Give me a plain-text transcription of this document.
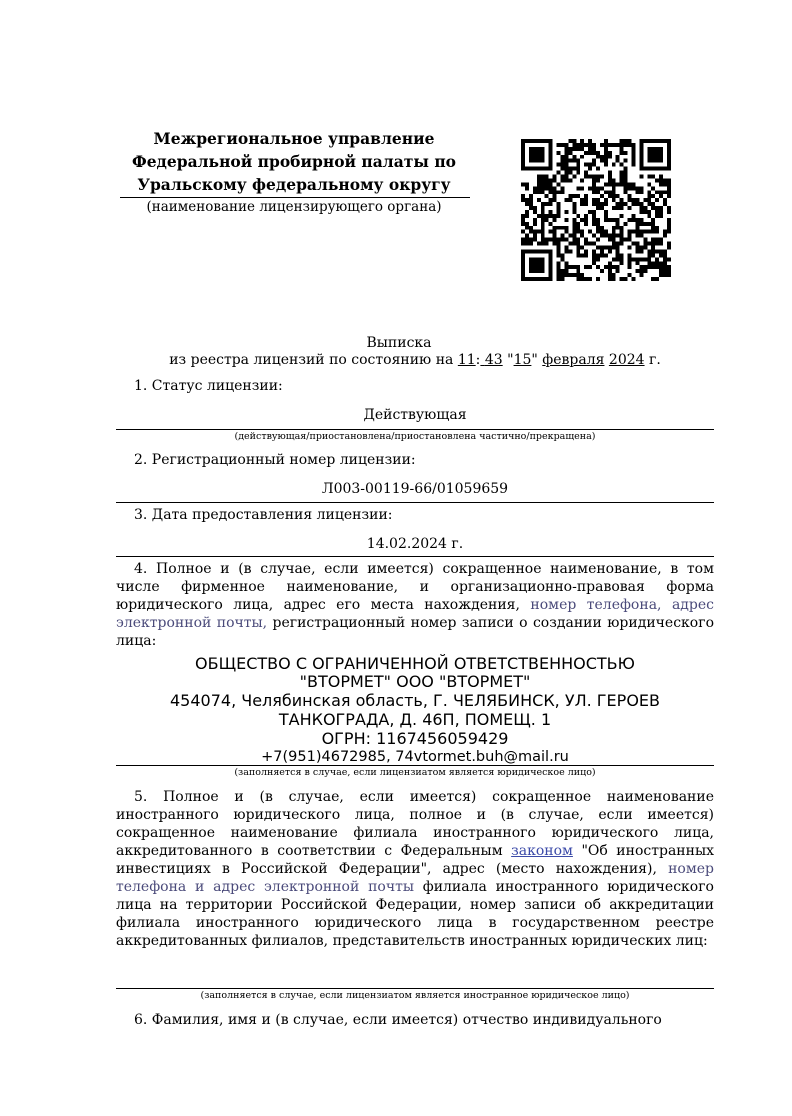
Межрегиональное управление
Федеральной пробирной палаты по
Уральскому федеральному округу
(наименование лицензирующего органа)
Выписка
из реестра лицензий по состоянию на 11: 43 "15" февраля 2024 г.
1. Статус лицензии:
Действующая
(действующая/приостановлена/приостановлена частично/прекращена)
2. Регистрационный номер лицензии:
Л003-00119-66/01059659
3. Дата предоставления лицензии:
14.02.2024 г.
4. Полное и (в случае, если имеется) сокращенное наименование, в том числе фирменное наименование, и организационно-правовая форма юридического лица, адрес его места нахождения, номер телефона, адрес электронной почты, регистрационный номер записи о создании юридического лица:
ОБЩЕСТВО С ОГРАНИЧЕННОЙ ОТВЕТСТВЕННОСТЬЮ
"ВТОРМЕТ" ООО "ВТОРМЕТ"
454074, Челябинская область, Г. ЧЕЛЯБИНСК, УЛ. ГЕРОЕВ
ТАНКОГРАДА, Д. 46П, ПОМЕЩ. 1
ОГРН: 1167456059429
+7(951)4672985, 74vtormet.buh@mail.ru
(заполняется в случае, если лицензиатом является юридическое лицо)
5. Полное и (в случае, если имеется) сокращенное наименование иностранного юридического лица, полное и (в случае, если имеется) сокращенное наименование филиала иностранного юридического лица, аккредитованного в соответствии с Федеральным законом "Об иностранных инвестициях в Российской Федерации", адрес (место нахождения), номер телефона и адрес электронной почты филиала иностранного юридического лица на территории Российской Федерации, номер записи об аккредитации филиала иностранного юридического лица в государственном реестре аккредитованных филиалов, представительств иностранных юридических лиц:
(заполняется в случае, если лицензиатом является иностранное юридическое лицо)
6. Фамилия, имя и (в случае, если имеется) отчество индивидуального
